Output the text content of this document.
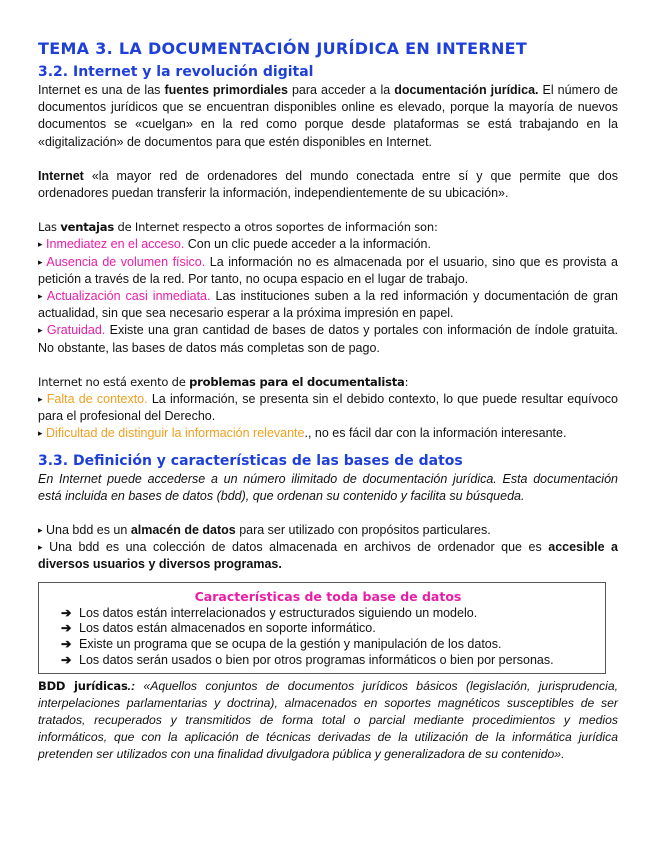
TEMA 3. LA DOCUMENTACIÓN JURÍDICA EN INTERNET
3.2. Internet y la revolución digital

Internet es una de las fuentes primordiales para acceder a la documentación jurídica. El número de documentos jurídicos que se encuentran disponibles online es elevado, porque la mayoría de nuevos documentos se «cuelgan» en la red como porque desde plataformas se está trabajando en la «digitalización» de documentos para que estén disponibles en Internet.

Internet «la mayor red de ordenadores del mundo conectada entre sí y que permite que dos ordenadores puedan transferir la información, independientemente de su ubicación».

Las ventajas de Internet respecto a otros soportes de información son:

▸ Inmediatez en el acceso. Con un clic puede acceder a la información.

▸ Ausencia de volumen físico. La información no es almacenada por el usuario, sino que es provista a petición a través de la red. Por tanto, no ocupa espacio en el lugar de trabajo.

▸ Actualización casi inmediata. Las instituciones suben a la red información y documentación de gran actualidad, sin que sea necesario esperar a la próxima impresión en papel.

▸ Gratuidad. Existe una gran cantidad de bases de datos y portales con información de índole gratuita. No obstante, las bases de datos más completas son de pago.

Internet no está exento de problemas para el documentalista:

▸ Falta de contexto. La información, se presenta sin el debido contexto, lo que puede resultar equívoco para el profesional del Derecho.

▸ Dificultad de distinguir la información relevante., no es fácil dar con la información interesante.

3.3. Definición y características de las bases de datos

En Internet puede accederse a un número ilimitado de documentación jurídica. Esta documentación está incluida en bases de datos (bdd), que ordenan su contenido y facilita su búsqueda.

▸ Una bdd es un almacén de datos para ser utilizado con propósitos particulares.

▸ Una bdd es una colección de datos almacenada en archivos de ordenador que es accesible a diversos usuarios y diversos programas.

Características de toda base de datos
➔ Los datos están interrelacionados y estructurados siguiendo un modelo.
➔ Los datos están almacenados en soporte informático.
➔ Existe un programa que se ocupa de la gestión y manipulación de los datos.
➔ Los datos serán usados o bien por otros programas informáticos o bien por personas.

BDD jurídicas.: «Aquellos conjuntos de documentos jurídicos básicos (legislación, jurisprudencia, interpelaciones parlamentarias y doctrina), almacenados en soportes magnéticos susceptibles de ser tratados, recuperados y transmitidos de forma total o parcial mediante procedimientos y medios informáticos, que con la aplicación de técnicas derivadas de la utilización de la informática jurídica pretenden ser utilizados con una finalidad divulgadora pública y generalizadora de su contenido».
